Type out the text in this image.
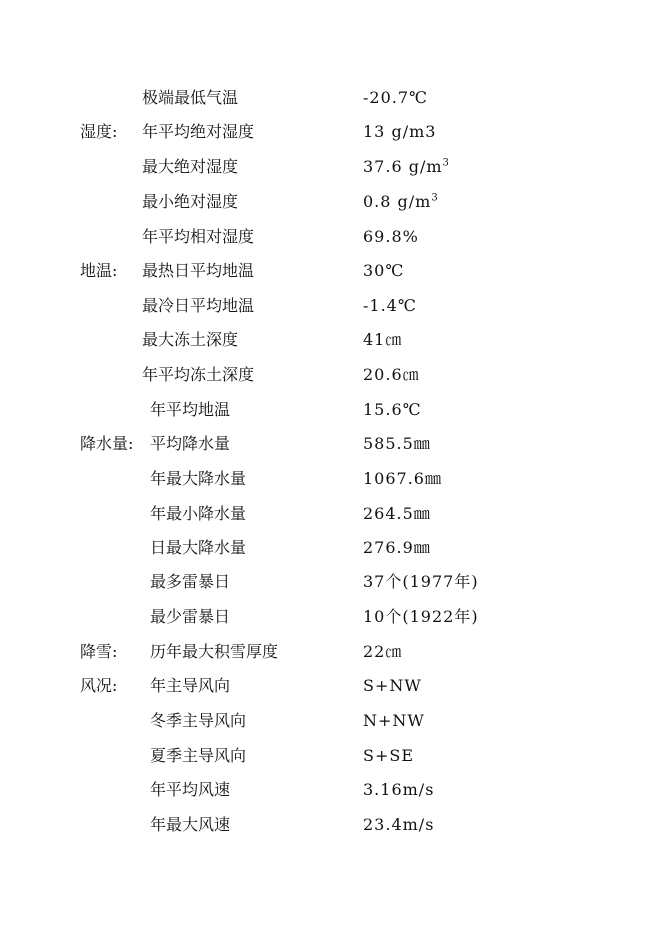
极端最低气温	-20.7℃
湿度: 年平均绝对湿度	13 g/m3
最大绝对湿度	37.6 $g/m^3$
最小绝对湿度	0.8 $g/m^3$
年平均相对湿度	69.8%
地温: 最热日平均地温	30℃
最冷日平均地温	-1.4℃
最大冻土深度	41㎝
年平均冻土深度	20.6㎝
年平均地温	15.6℃
降水量: 平均降水量	585.5㎜
年最大降水量	1067.6㎜
年最小降水量	264.5㎜
日最大降水量	276.9㎜
最多雷暴日	37个(1977年)
最少雷暴日	10个(1922年)
降雪: 历年最大积雪厚度	22㎝
风况: 年主导风向	S+NW
冬季主导风向	N+NW
夏季主导风向	S+SE
年平均风速	3.16m/s
年最大风速	23.4m/s
